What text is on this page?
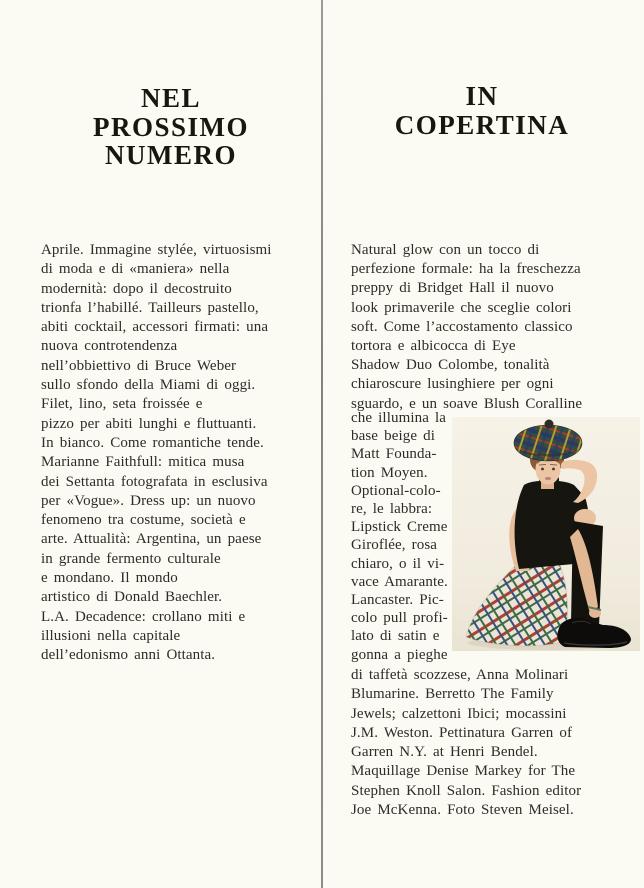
NEL
PROSSIMO
NUMERO
Aprile. Immagine stylée, virtuosismi
di moda e di «maniera» nella
modernità: dopo il decostruito
trionfa l’habillé. Tailleurs pastello,
abiti cocktail, accessori firmati: una
nuova controtendenza
nell’obbiettivo di Bruce Weber
sullo sfondo della Miami di oggi.
Filet, lino, seta froissée e
pizzo per abiti lunghi e fluttuanti.
In bianco. Come romantiche tende.
Marianne Faithfull: mitica musa
dei Settanta fotografata in esclusiva
per «Vogue». Dress up: un nuovo
fenomeno tra costume, società e
arte. Attualità: Argentina, un paese
in grande fermento culturale
e mondano. Il mondo
artistico di Donald Baechler.
L.A. Decadence: crollano miti e
illusioni nella capitale
dell’edonismo anni Ottanta.
IN
COPERTINA
Natural glow con un tocco di
perfezione formale: ha la freschezza
preppy di Bridget Hall il nuovo
look primaverile che sceglie colori
soft. Come l’accostamento classico
tortora e albicocca di Eye
Shadow Duo Colombe, tonalità
chiaroscure lusinghiere per ogni
sguardo, e un soave Blush Coralline
che illumina la
base beige di
Matt Founda-
tion Moyen.
Optional-colo-
re, le labbra:
Lipstick Creme
Giroflée, rosa
chiaro, o il vi-
vace Amarante.
Lancaster. Pic-
colo pull profi-
lato di satin e
gonna a pieghe
di taffetà scozzese, Anna Molinari
Blumarine. Berretto The Family
Jewels; calzettoni Ibici; mocassini
J.M. Weston. Pettinatura Garren of
Garren N.Y. at Henri Bendel.
Maquillage Denise Markey for The
Stephen Knoll Salon. Fashion editor
Joe McKenna. Foto Steven Meisel.
